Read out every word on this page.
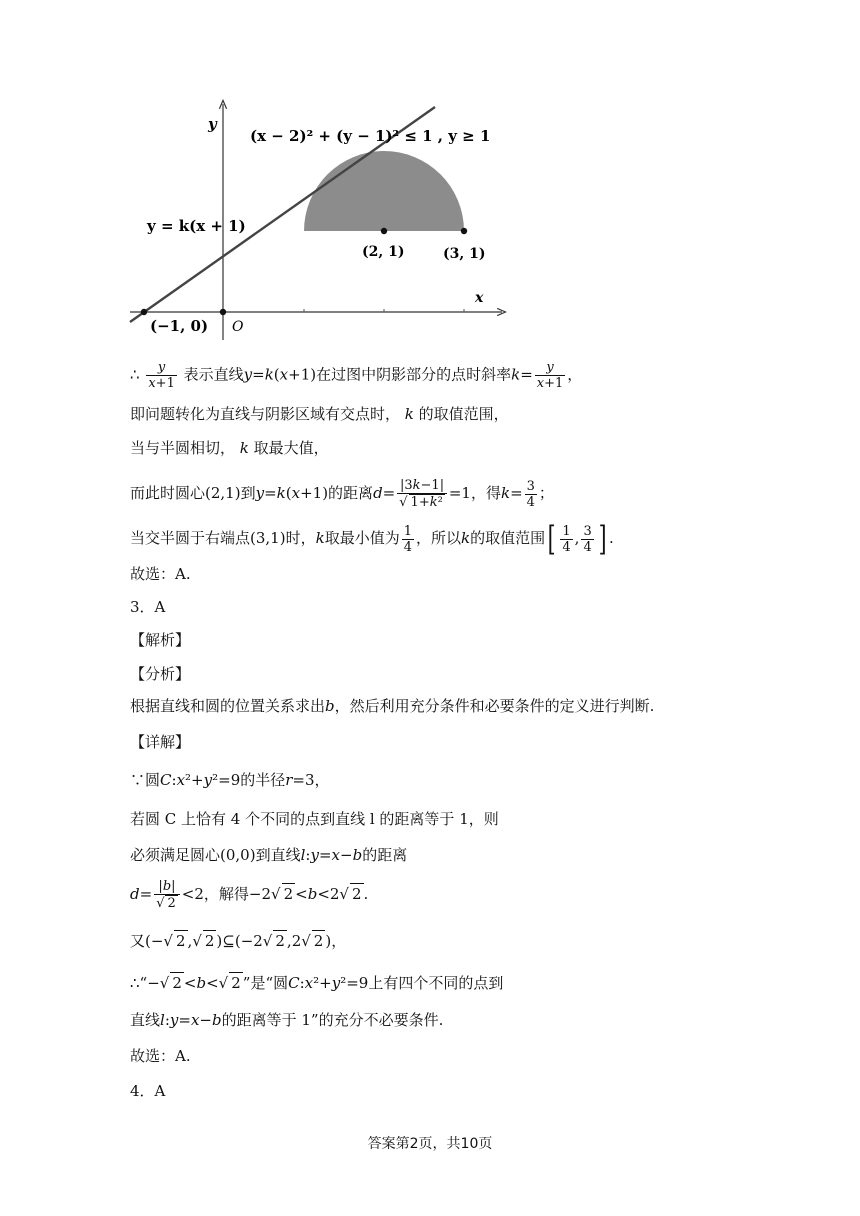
y
x
(x − 2)² + (y − 1)² ≤ 1 , y ≥ 1
y = k(x + 1)
(2, 1)	(3, 1)
(−1, 0) O
∴ $\frac{y}{x+1}$ 表示直线y=k(x+1)在过图中阴影部分的点时斜率$k= \frac{y}{x+1}$ ，
即问题转化为直线与阴影区域有交点时， k 的取值范围，
当与半圆相切， k 取最大值，
而此时圆心(2,1)到y=k(x+1)的距离$d= \frac{|3k-1|}{\text{√ 1+k²}} =1$，得$k= \frac{3}{4}$ ；
当交半圆于右端点(3,1)时，k取最小值为 $\frac{1}{4}$ ，所以k的取值范围[ $\frac{1}{4}$ , $\frac{3}{4}$ ] .
故选：A.
3．A
【解析】
【分析】
根据直线和圆的位置关系求出b，然后利用充分条件和必要条件的定义进行判断.
【详解】
∵圆C:x²+y²=9的半径r=3，
若圆 C 上恰有 4 个不同的点到直线 l 的距离等于 1，则
必须满足圆心(0,0)到直线l:y=x−b的距离
$d= \frac{|b|}{√ 2} <2$，解得−2√ 2 <b<2√ 2 .
又(−√ 2 ,√ 2 )⊆(−2√ 2 ,2√ 2 )，
∴“−√ 2 <b<√ 2 ”是“圆C:x²+y²=9上有四个不同的点到
直线l:y=x−b的距离等于 1”的充分不必要条件.
故选：A.
4．A
答案第2页，共10页
